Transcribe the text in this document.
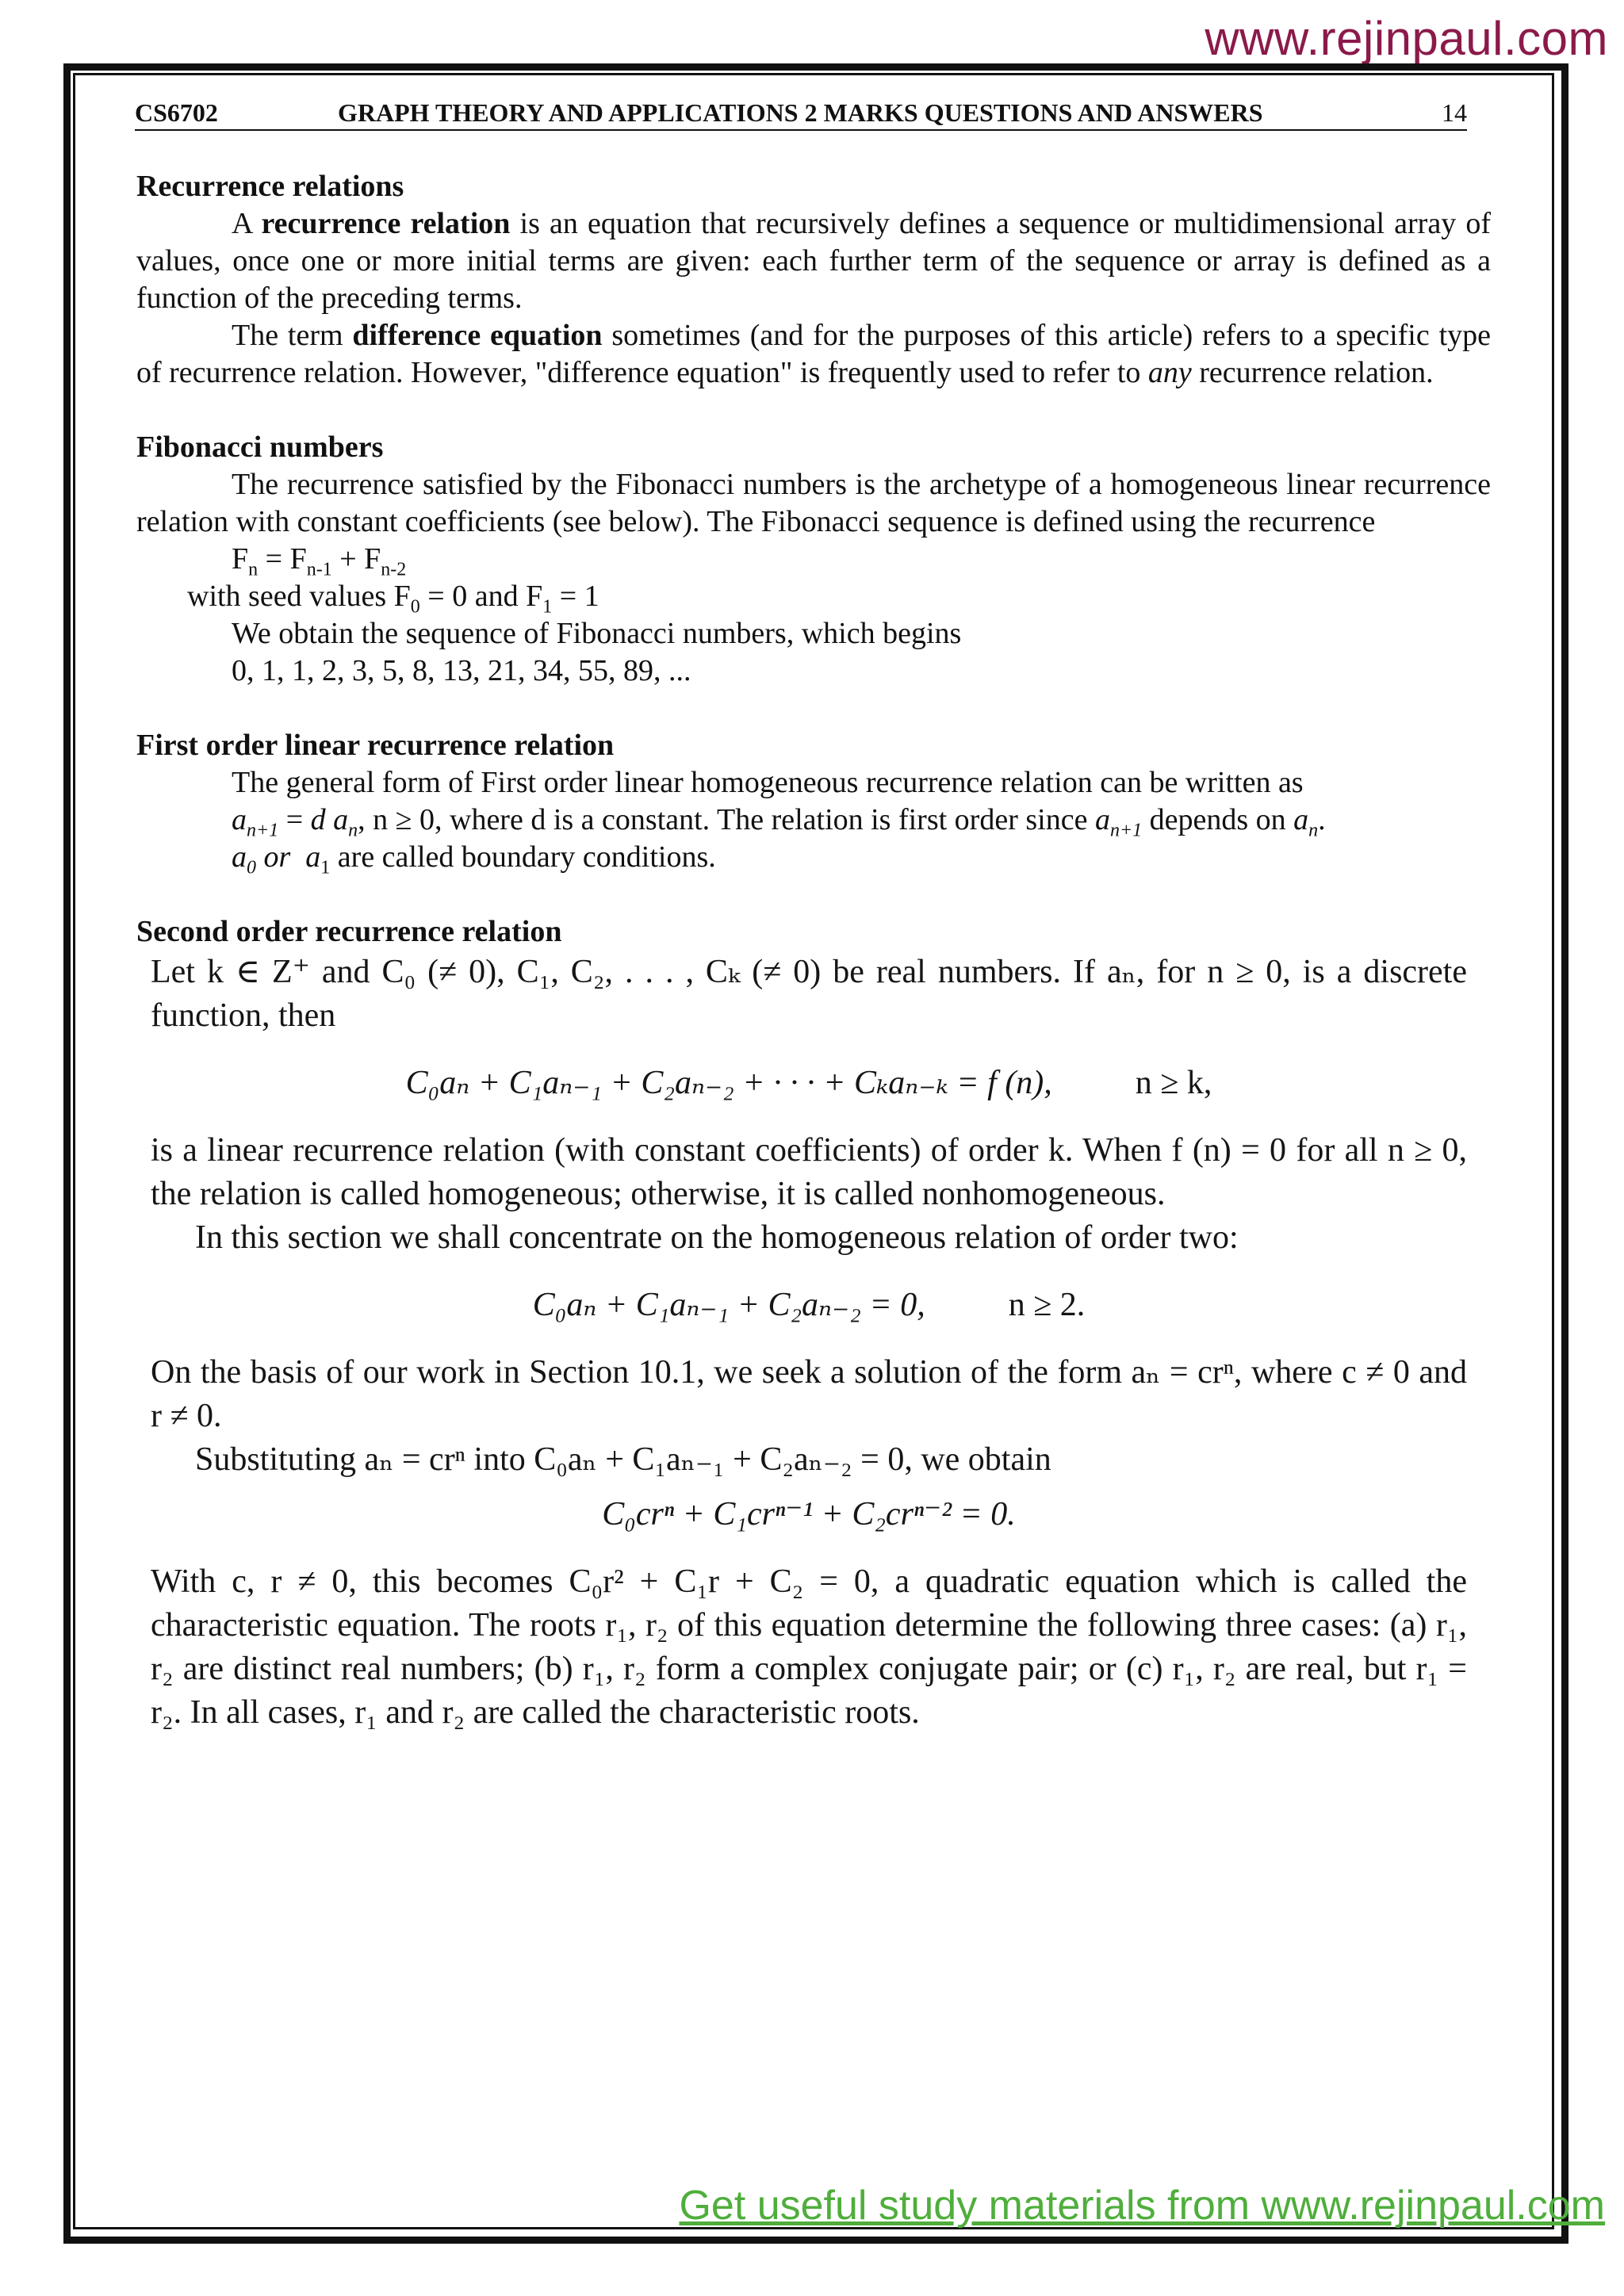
www.rejinpaul.com
CS6702	GRAPH THEORY AND APPLICATIONS 2 MARKS QUESTIONS AND ANSWERS	14

Recurrence relations

A recurrence relation is an equation that recursively defines a sequence or multidimensional array of values, once one or more initial terms are given: each further term of the sequence or array is defined as a function of the preceding terms.

The term difference equation sometimes (and for the purposes of this article) refers to a specific type of recurrence relation. However, "difference equation" is frequently used to refer to any recurrence relation.

Fibonacci numbers

The recurrence satisfied by the Fibonacci numbers is the archetype of a homogeneous linear recurrence relation with constant coefficients (see below). The Fibonacci sequence is defined using the recurrence

$F_n = F_{n-1} + F_{n-2}$

with seed values $F_0 = 0$ and $F_1 = 1$

We obtain the sequence of Fibonacci numbers, which begins

0, 1, 1, 2, 3, 5, 8, 13, 21, 34, 55, 89, ...

First order linear recurrence relation

The general form of First order linear homogeneous recurrence relation can be written as

$a_{n+1} = d$ $a_n$, n ≥ 0, where d is a constant. The relation is first order since $a_{n+1}$ depends on $a_n$.

$a_0$ or  $a_1$ are called boundary conditions.

Second order recurrence relation

Let k ∈ Z⁺ and C₀ (≠ 0), C₁, C₂, . . . , Cₖ (≠ 0) be real numbers. If aₙ, for n ≥ 0, is a discrete function, then

C₀aₙ + C₁aₙ₋₁ + C₂aₙ₋₂ + · · · + Cₖaₙ₋ₖ = f (n),	n ≥ k,

is a linear recurrence relation (with constant coefficients) of order k. When f (n) = 0 for all n ≥ 0, the relation is called homogeneous; otherwise, it is called nonhomogeneous.

In this section we shall concentrate on the homogeneous relation of order two:

C₀aₙ + C₁aₙ₋₁ + C₂aₙ₋₂ = 0,	n ≥ 2.

On the basis of our work in Section 10.1, we seek a solution of the form aₙ = crⁿ, where c ≠ 0 and r ≠ 0.

Substituting aₙ = crⁿ into C₀aₙ + C₁aₙ₋₁ + C₂aₙ₋₂ = 0, we obtain

C₀crⁿ + C₁crⁿ⁻¹ + C₂crⁿ⁻² = 0.

With c, r ≠ 0, this becomes C₀r² + C₁r + C₂ = 0, a quadratic equation which is called the characteristic equation. The roots r₁, r₂ of this equation determine the following three cases: (a) r₁, r₂ are distinct real numbers; (b) r₁, r₂ form a complex conjugate pair; or (c) r₁, r₂ are real, but r₁ = r₂. In all cases, r₁ and r₂ are called the characteristic roots.

Get useful study materials from www.rejinpaul.com
